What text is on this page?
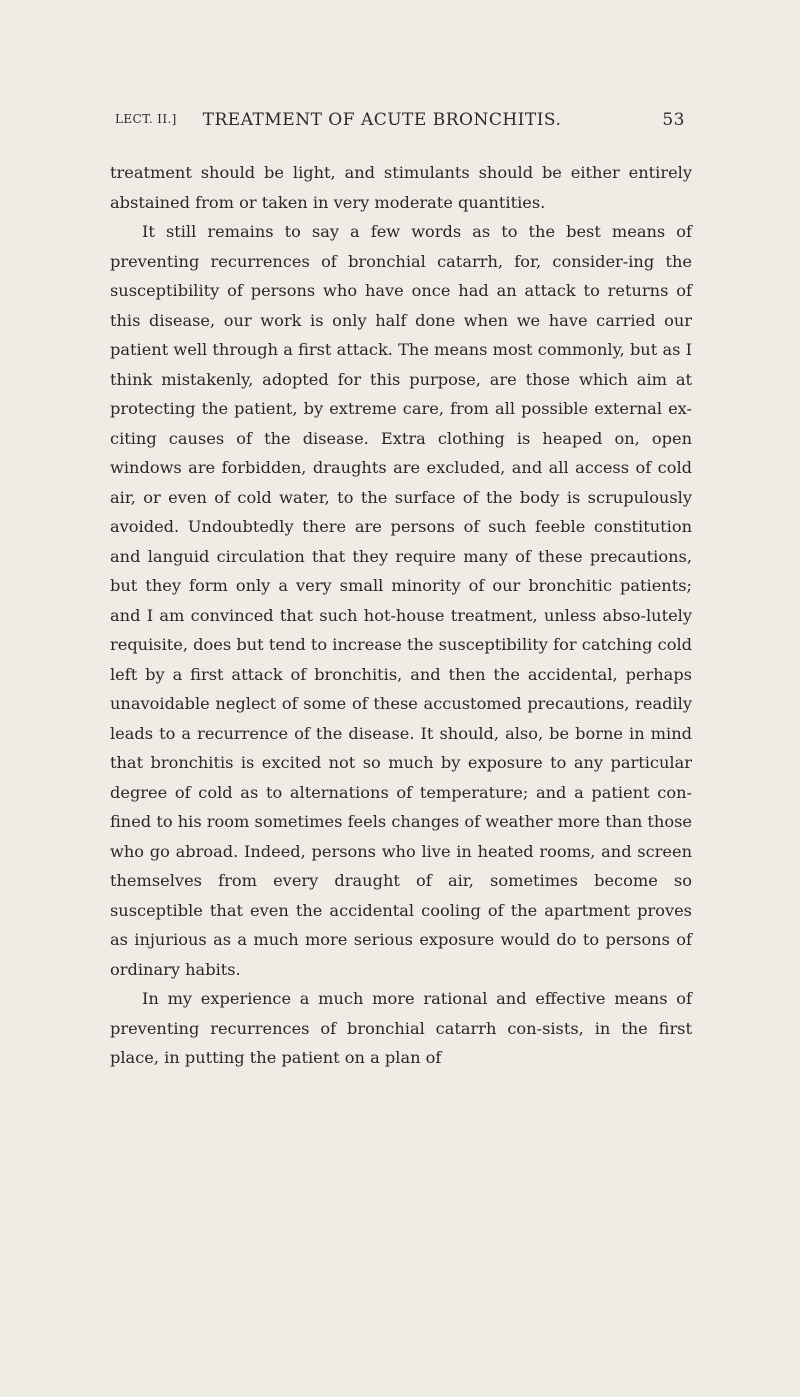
LECT. II.]	TREATMENT OF ACUTE BRONCHITIS.	53

treatment should be light, and stimulants should be either entirely abstained from or taken in very moderate quantities.

It still remains to say a few words as to the best means of preventing recurrences of bronchial catarrh, for, consider-ing the susceptibility of persons who have once had an attack to returns of this disease, our work is only half done when we have carried our patient well through a first attack. The means most commonly, but as I think mistakenly, adopted for this purpose, are those which aim at protecting the patient, by extreme care, from all possible external ex-citing causes of the disease. Extra clothing is heaped on, open windows are forbidden, draughts are excluded, and all access of cold air, or even of cold water, to the surface of the body is scrupulously avoided. Undoubtedly there are persons of such feeble constitution and languid circulation that they require many of these precautions, but they form only a very small minority of our bronchitic patients; and I am convinced that such hot-house treatment, unless abso-lutely requisite, does but tend to increase the susceptibility for catching cold left by a first attack of bronchitis, and then the accidental, perhaps unavoidable neglect of some of these accustomed precautions, readily leads to a recurrence of the disease. It should, also, be borne in mind that bronchitis is excited not so much by exposure to any particular degree of cold as to alternations of temperature; and a patient con-fined to his room sometimes feels changes of weather more than those who go abroad. Indeed, persons who live in heated rooms, and screen themselves from every draught of air, sometimes become so susceptible that even the accidental cooling of the apartment proves as injurious as a much more serious exposure would do to persons of ordinary habits.

In my experience a much more rational and effective means of preventing recurrences of bronchial catarrh con-sists, in the first place, in putting the patient on a plan of
